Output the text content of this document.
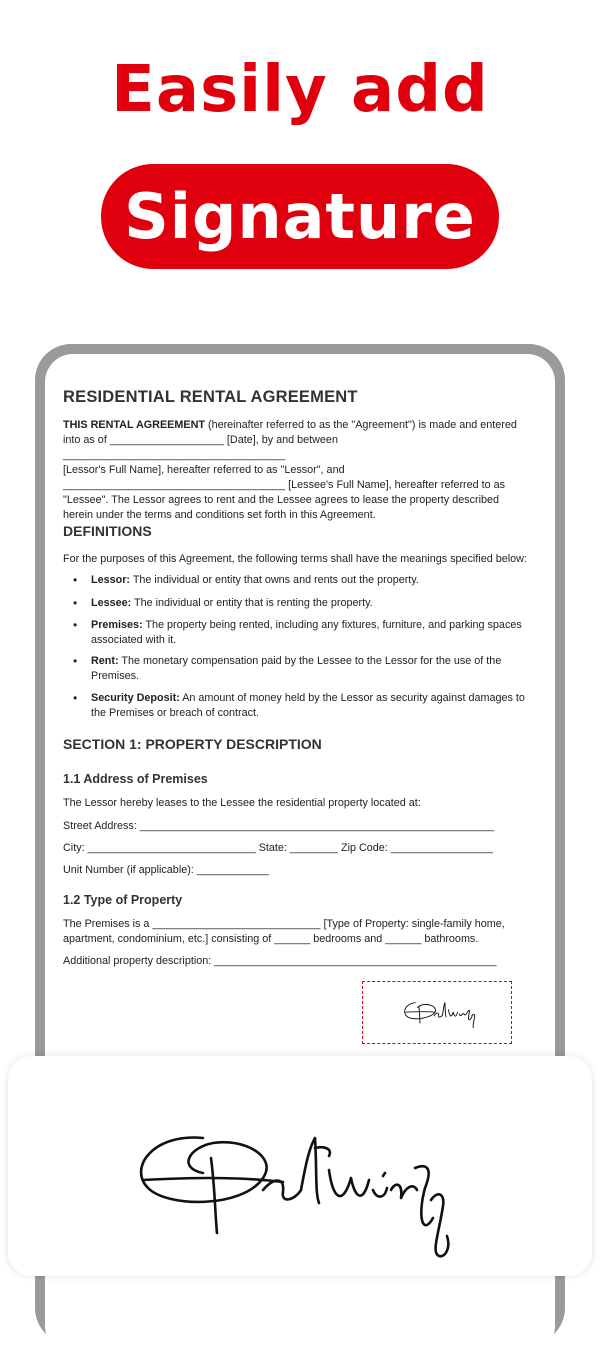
Easily add
Signature
RESIDENTIAL RENTAL AGREEMENT
THIS RENTAL AGREEMENT (hereinafter referred to as the "Agreement") is made and entered
into as of ___________________ [Date], by and between _____________________________________
[Lessor's Full Name], hereafter referred to as "Lessor", and
_____________________________________ [Lessee's Full Name], hereafter referred to as
"Lessee". The Lessor agrees to rent and the Lessee agrees to lease the property described
herein under the terms and conditions set forth in this Agreement.
DEFINITIONS
For the purposes of this Agreement, the following terms shall have the meanings specified below:
• Lessor: The individual or entity that owns and rents out the property.
• Lessee: The individual or entity that is renting the property.
• Premises: The property being rented, including any fixtures, furniture, and parking spaces
associated with it.
• Rent: The monetary compensation paid by the Lessee to the Lessor for the use of the
Premises.
• Security Deposit: An amount of money held by the Lessor as security against damages to
the Premises or breach of contract.
SECTION 1: PROPERTY DESCRIPTION
1.1 Address of Premises
The Lessor hereby leases to the Lessee the residential property located at:
Street Address: ___________________________________________________________
City: ____________________________ State: ________ Zip Code: _________________
Unit Number (if applicable): ____________
1.2 Type of Property
The Premises is a ____________________________ [Type of Property: single-family home,
apartment, condominium, etc.] consisting of ______ bedrooms and ______ bathrooms.
Additional property description: _______________________________________________
